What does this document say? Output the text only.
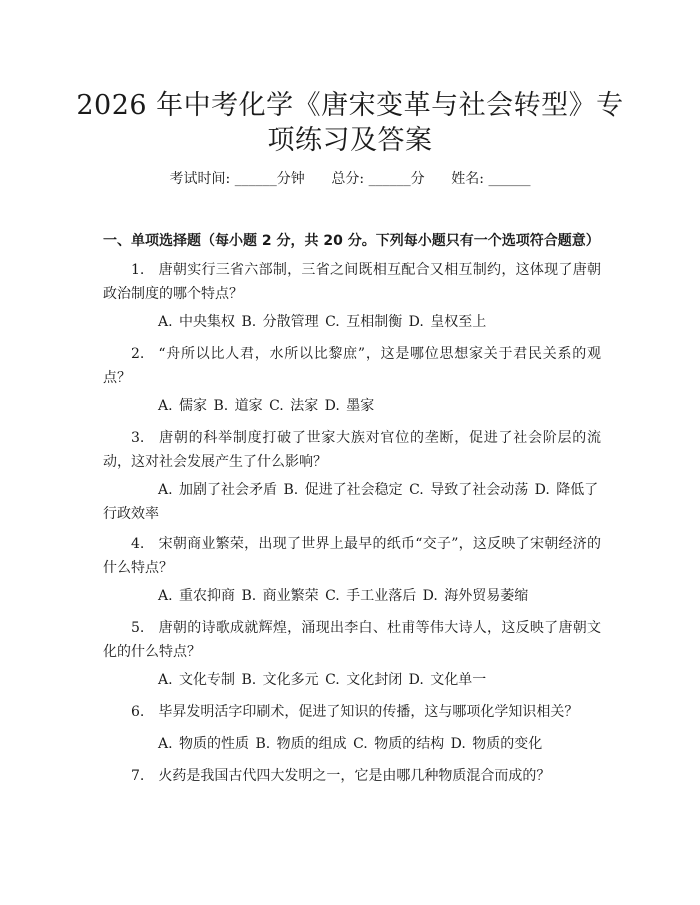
2026 年中考化学《唐宋变革与社会转型》专
项练习及答案
考试时间: ______分钟      总分: ______分      姓名: ______
一、单项选择题（每小题 2 分，共 20 分。下列每小题只有一个选项符合题意）
1. 唐朝实行三省六部制，三省之间既相互配合又相互制约，这体现了唐朝政治制度的哪个特点？
A. 中央集权 B. 分散管理 C. 互相制衡 D. 皇权至上
2. “舟所以比人君，水所以比黎庶”，这是哪位思想家关于君民关系的观点？
A. 儒家 B. 道家 C. 法家 D. 墨家
3. 唐朝的科举制度打破了世家大族对官位的垄断，促进了社会阶层的流动，这对社会发展产生了什么影响？
A. 加剧了社会矛盾 B. 促进了社会稳定 C. 导致了社会动荡 D. 降低了行政效率
4. 宋朝商业繁荣，出现了世界上最早的纸币“交子”，这反映了宋朝经济的什么特点？
A. 重农抑商 B. 商业繁荣 C. 手工业落后 D. 海外贸易萎缩
5. 唐朝的诗歌成就辉煌，涌现出李白、杜甫等伟大诗人，这反映了唐朝文化的什么特点？
A. 文化专制 B. 文化多元 C. 文化封闭 D. 文化单一
6. 毕昇发明活字印刷术，促进了知识的传播，这与哪项化学知识相关？
A. 物质的性质 B. 物质的组成 C. 物质的结构 D. 物质的变化
7. 火药是我国古代四大发明之一，它是由哪几种物质混合而成的？
